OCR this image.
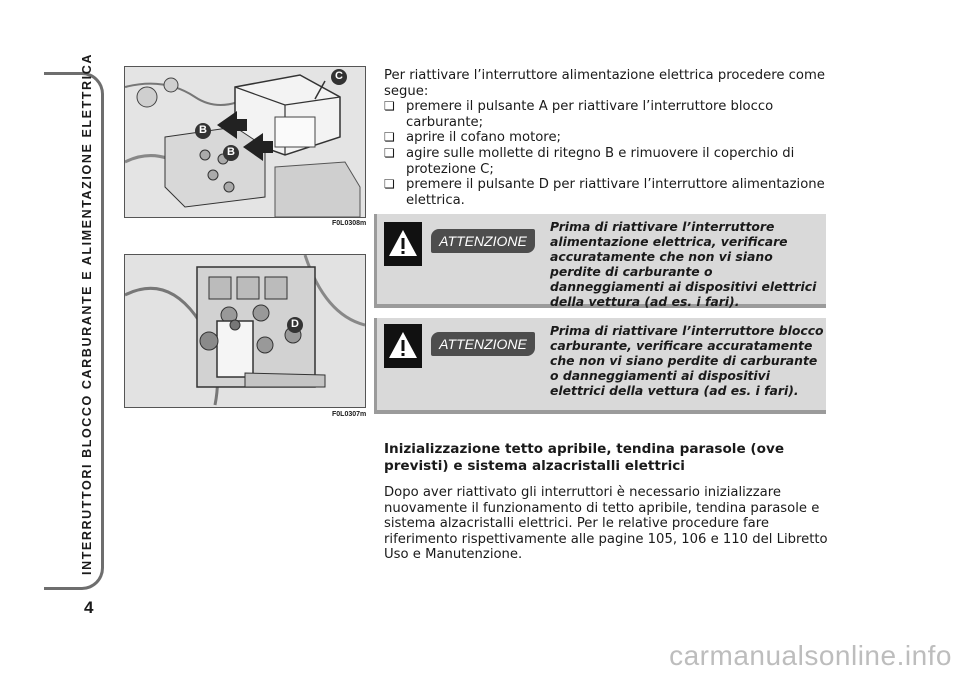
INTERRUTTORI BLOCCO CARBURANTE E ALIMENTAZIONE ELETTRICA
4
B
B
C
F0L0308m
D
F0L0307m

Per riattivare l’interruttore alimentazione elettrica procedere come segue:

❏ premere il pulsante A per riattivare l’interruttore blocco carburante;
❏ aprire il cofano motore;
❏ agire sulle mollette di ritegno B e rimuovere il coperchio di protezione C;
❏ premere il pulsante D per riattivare l’interruttore alimentazione elettrica.
ATTENZIONE
Prima di riattivare l’interruttore alimentazione elettrica, verificare accuratamente che non vi siano perdite di carburante o danneggiamenti ai dispositivi elettrici della vettura (ad es. i fari).
ATTENZIONE
Prima di riattivare l’interruttore blocco carburante, verificare accuratamente che non vi siano perdite di carburante o danneggiamenti ai dispositivi elettrici della vettura (ad es. i fari).
Inizializzazione tetto apribile, tendina parasole (ove previsti) e sistema alzacristalli elettrici

Dopo aver riattivato gli interruttori è necessario inizializzare nuovamente il funzionamento di tetto apribile, tendina parasole e sistema alzacristalli elettrici. Per le relative procedure fare riferimento rispettivamente alle pagine 105, 106 e 110 del Libretto Uso e Manutenzione.

carmanualsonline.info
